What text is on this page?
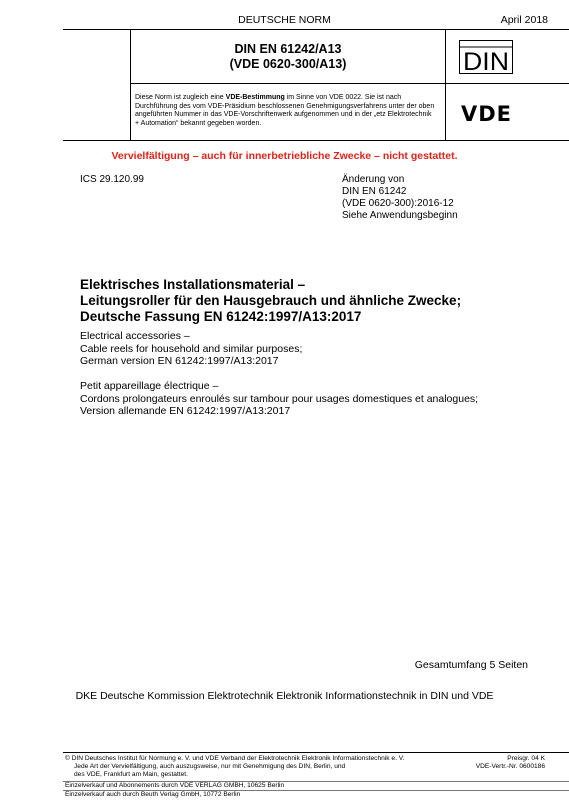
DEUTSCHE NORM	April 2018
DIN EN 61242/A13
(VDE 0620-300/A13)
Diese Norm ist zugleich eine VDE-Bestimmung im Sinne von VDE 0022. Sie ist nach Durchführung des vom VDE-Präsidium beschlossenen Genehmigungsverfahrens unter der oben angeführten Nummer in das VDE-Vorschriftenwerk aufgenommen und in der „etz Elektrotechnik + Automation“ bekannt gegeben worden.
DIN
VDE
Vervielfältigung – auch für innerbetriebliche Zwecke – nicht gestattet.
ICS 29.120.99	Änderung von
DIN EN 61242
(VDE 0620-300):2016-12
Siehe Anwendungsbeginn
Elektrisches Installationsmaterial –
Leitungsroller für den Hausgebrauch und ähnliche Zwecke;
Deutsche Fassung EN 61242:1997/A13:2017
Electrical accessories –
Cable reels for household and similar purposes;
German version EN 61242:1997/A13:2017
Petit appareillage électrique –
Cordons prolongateurs enroulés sur tambour pour usages domestiques et analogues;
Version allemande EN 61242:1997/A13:2017
Gesamtumfang 5 Seiten
DKE Deutsche Kommission Elektrotechnik Elektronik Informationstechnik in DIN und VDE
© DIN Deutsches Institut für Normung e. V. und VDE Verband der Elektrotechnik Elektronik Informationstechnik e. V.
Jede Art der Vervielfältigung, auch auszugsweise, nur mit Genehmigung des DIN, Berlin, und
des VDE, Frankfurt am Main, gestattet.
Preisgr. 04 K
VDE-Vertr.-Nr. 0600186
Einzelverkauf und Abonnements durch VDE VERLAG GMBH, 10625 Berlin
Einzelverkauf auch durch Beuth Verlag GmbH, 10772 Berlin
